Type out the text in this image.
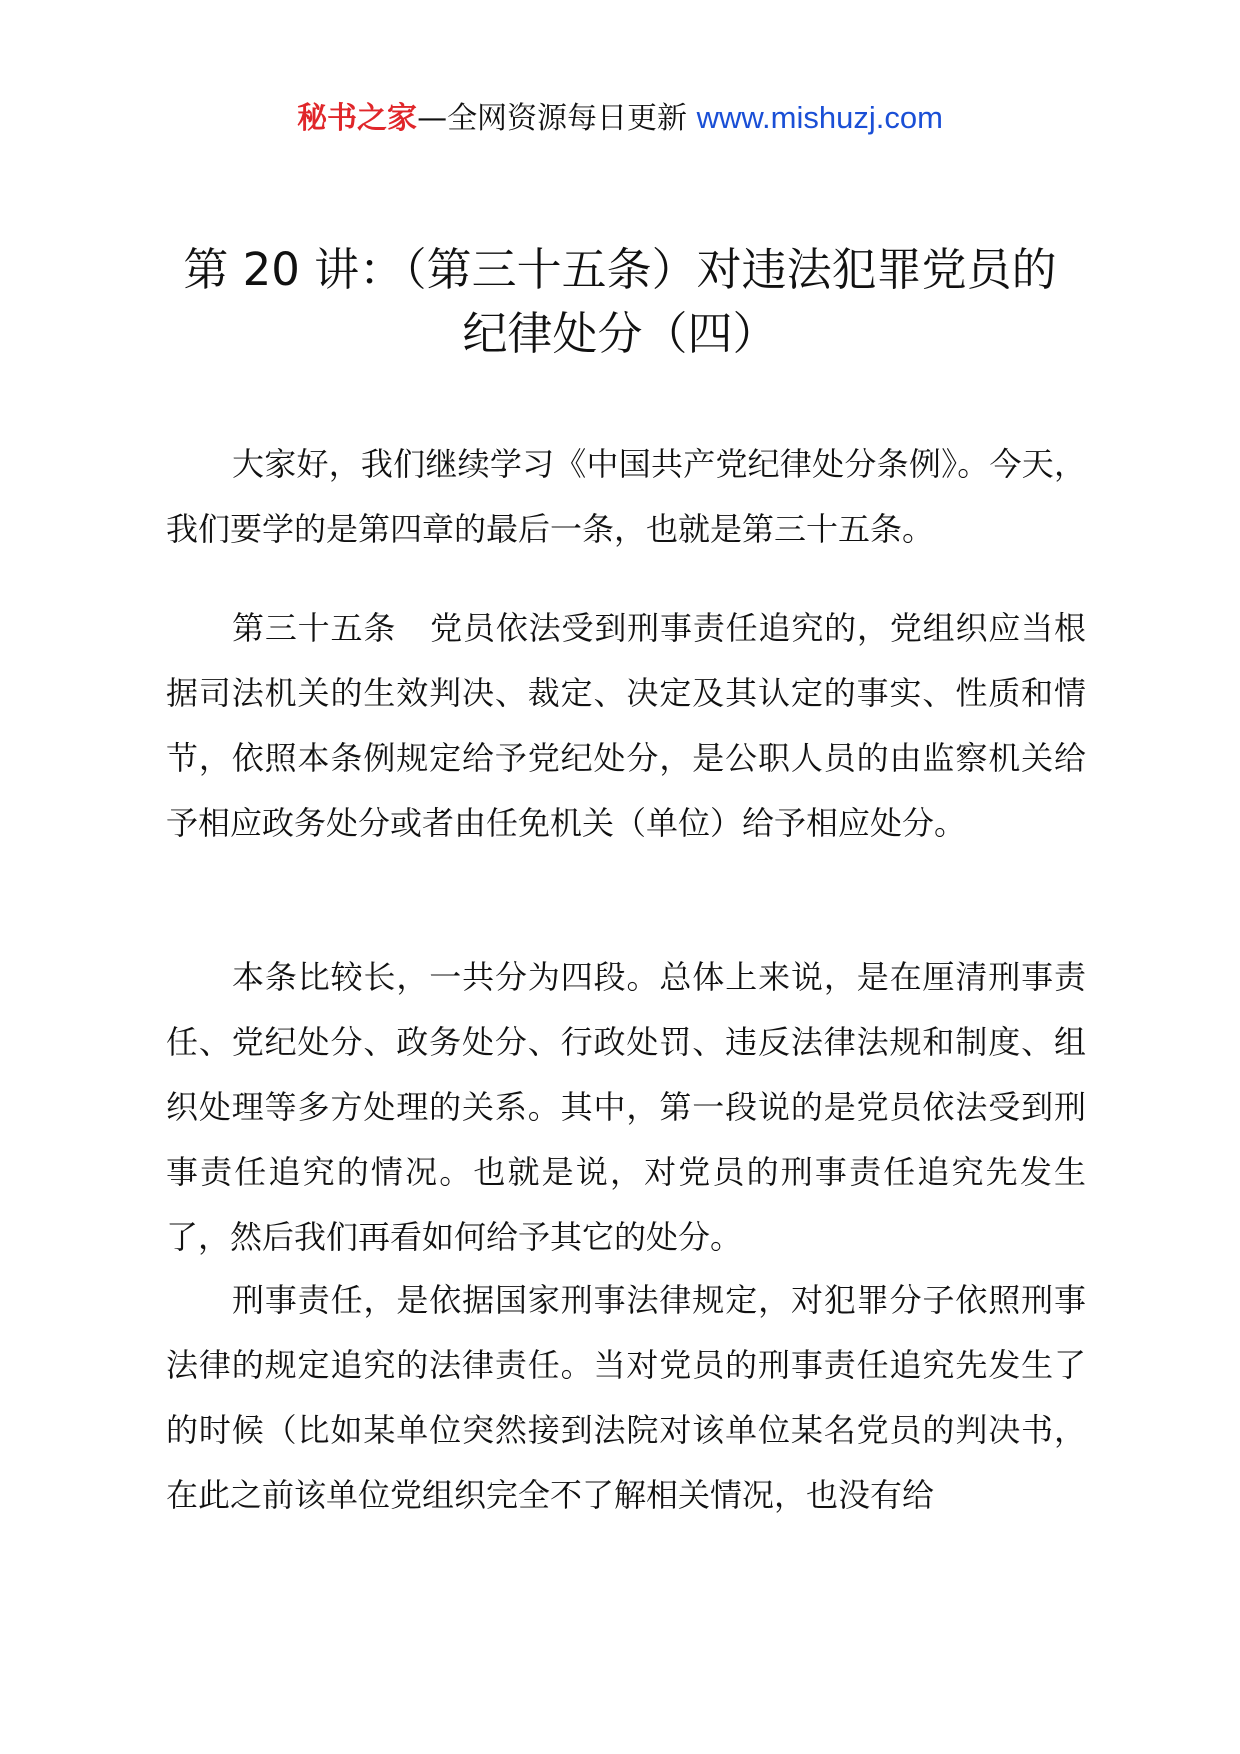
秘书之家—全网资源每日更新 www.mishuzj.com
第 20 讲：（第三十五条）对违法犯罪党员的
纪律处分（四）

大家好，我们继续学习《中国共产党纪律处分条例》。今天，我们要学的是第四章的最后一条，也就是第三十五条。

第三十五条 党员依法受到刑事责任追究的，党组织应当根据司法机关的生效判决、裁定、决定及其认定的事实、性质和情节，依照本条例规定给予党纪处分，是公职人员的由监察机关给予相应政务处分或者由任免机关（单位）给予相应处分。

本条比较长，一共分为四段。总体上来说，是在厘清刑事责任、党纪处分、政务处分、行政处罚、违反法律法规和制度、组织处理等多方处理的关系。其中，第一段说的是党员依法受到刑事责任追究的情况。也就是说，对党员的刑事责任追究先发生了，然后我们再看如何给予其它的处分。

刑事责任，是依据国家刑事法律规定，对犯罪分子依照刑事法律的规定追究的法律责任。当对党员的刑事责任追究先发生了的时候（比如某单位突然接到法院对该单位某名党员的判决书，在此之前该单位党组织完全不了解相关情况，也没有给
